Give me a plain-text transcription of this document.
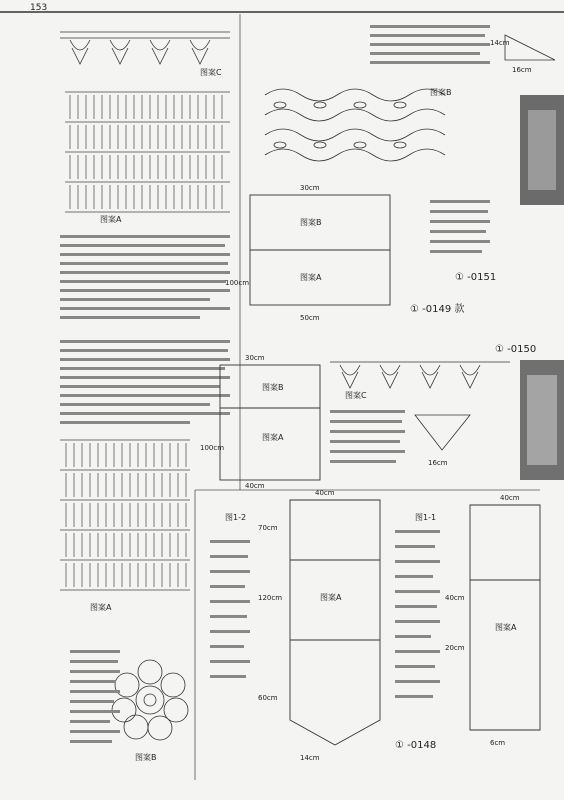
153
图案C
图案A
图案A
图案B
图案B
16cm
14cm
30cm
50cm
100cm
图案B
图案A	① -0151
① -0149 款
① -0150
图案C
30cm
40cm
100cm
图案B
图案A
16cm
40cm
120cm
70cm
60cm
图1-2
图案A
40cm
40cm
20cm
图1-1
图案A
① -0148
14cm
6cm
